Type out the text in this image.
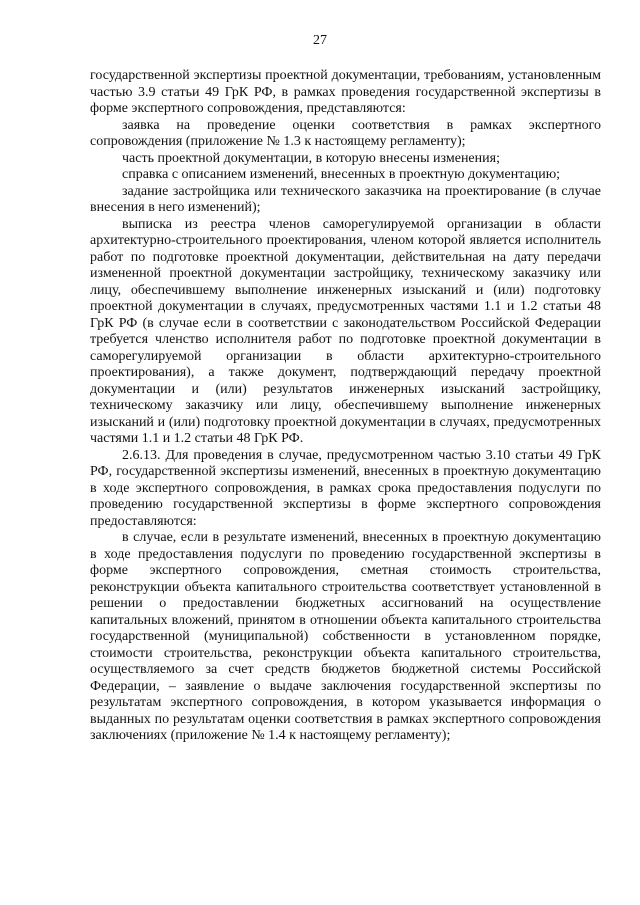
27

государственной экспертизы проектной документации, требованиям, установленным частью 3.9 статьи 49 ГрК РФ, в рамках проведения государственной экспертизы в форме экспертного сопровождения, представляются:

заявка на проведение оценки соответствия в рамках экспертного сопровождения (приложение № 1.3 к настоящему регламенту);

часть проектной документации, в которую внесены изменения;

справка с описанием изменений, внесенных в проектную документацию;

задание застройщика или технического заказчика на проектирование (в случае внесения в него изменений);

выписка из реестра членов саморегулируемой организации в области архитектурно-строительного проектирования, членом которой является исполнитель работ по подготовке проектной документации, действительная на дату передачи измененной проектной документации застройщику, техническому заказчику или лицу, обеспечившему выполнение инженерных изысканий и (или) подготовку проектной документации в случаях, предусмотренных частями 1.1 и 1.2 статьи 48 ГрК РФ (в случае если в соответствии с законодательством Российской Федерации требуется членство исполнителя работ по подготовке проектной документации в саморегулируемой организации в области архитектурно-строительного проектирования), а также документ, подтверждающий передачу проектной документации и (или) результатов инженерных изысканий застройщику, техническому заказчику или лицу, обеспечившему выполнение инженерных изысканий и (или) подготовку проектной документации в случаях, предусмотренных частями 1.1 и 1.2 статьи 48 ГрК РФ.

2.6.13. Для проведения в случае, предусмотренном частью 3.10 статьи 49 ГрК РФ, государственной экспертизы изменений, внесенных в проектную документацию в ходе экспертного сопровождения, в рамках срока предоставления подуслуги по проведению государственной экспертизы в форме экспертного сопровождения предоставляются:

в случае, если в результате изменений, внесенных в проектную документацию в ходе предоставления подуслуги по проведению государственной экспертизы в форме экспертного сопровождения, сметная стоимость строительства, реконструкции объекта капитального строительства соответствует установленной в решении о предоставлении бюджетных ассигнований на осуществление капитальных вложений, принятом в отношении объекта капитального строительства государственной (муниципальной) собственности в установленном порядке, стоимости строительства, реконструкции объекта капитального строительства, осуществляемого за счет средств бюджетов бюджетной системы Российской Федерации, – заявление о выдаче заключения государственной экспертизы по результатам экспертного сопровождения, в котором указывается информация о выданных по результатам оценки соответствия в рамках экспертного сопровождения заключениях (приложение № 1.4 к настоящему регламенту);
